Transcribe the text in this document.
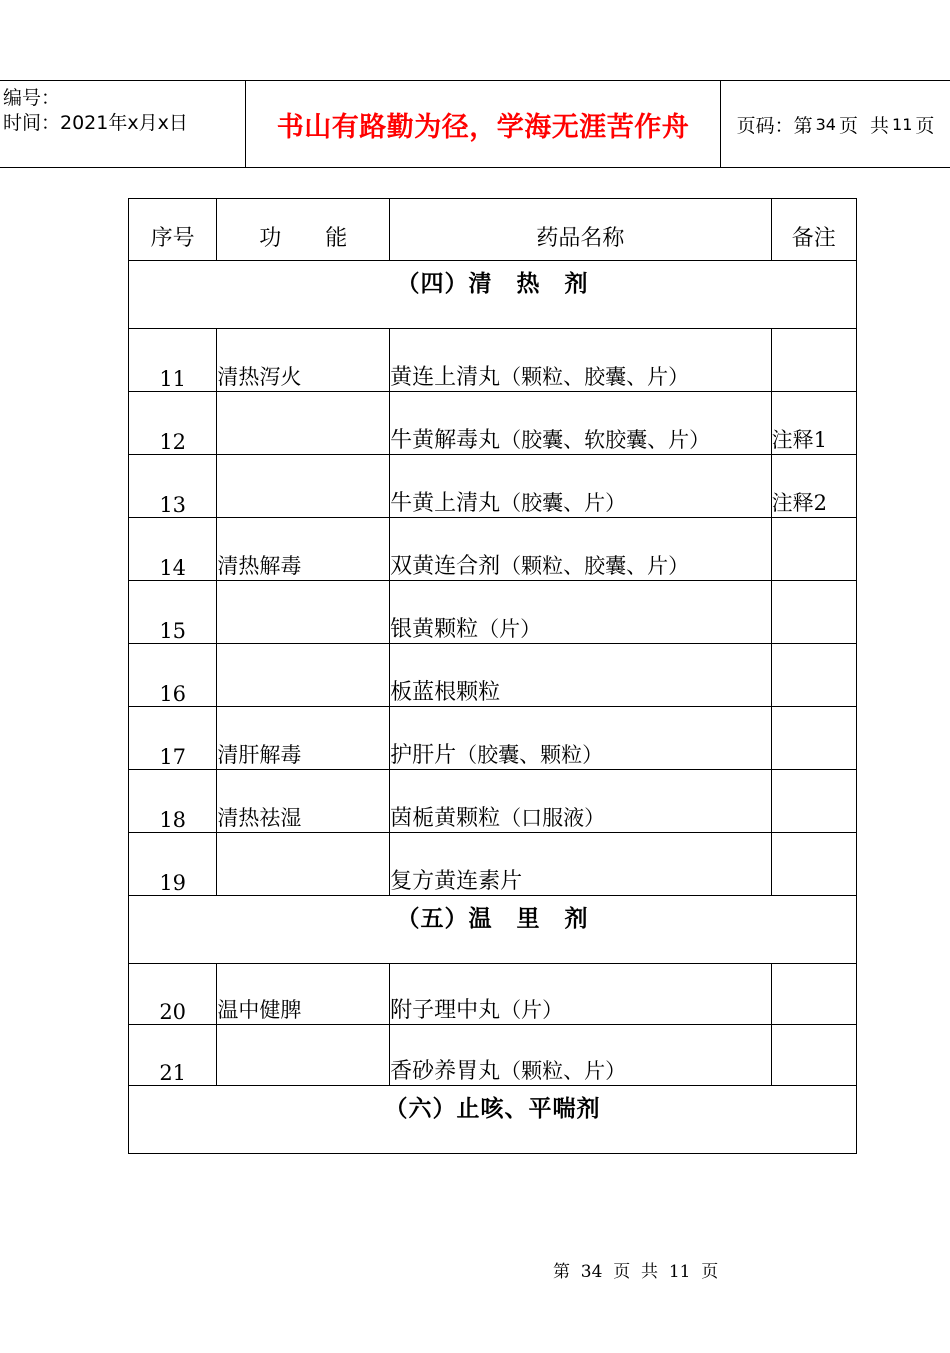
编号：
时间：2021年x月x日	书山有路勤为径，学海无涯苦作舟 页码：第 34 页  共 11 页
序号	功　　能	药品名称	备注
（四）清　热　剂			
11	清热泻火	黄连上清丸（颗粒、胶囊、片）	
12		牛黄解毒丸（胶囊、软胶囊、片）	注释1
13		牛黄上清丸（胶囊、片）	注释2
14	清热解毒	双黄连合剂（颗粒、胶囊、片）	
15		银黄颗粒（片）	
16		板蓝根颗粒	
17	清肝解毒	护肝片（胶囊、颗粒）	
18	清热祛湿	茵栀黄颗粒（口服液）	
19		复方黄连素片	
（五）温　里　剂			
20	温中健脾	附子理中丸（片）	
21		香砂养胃丸（颗粒、片）	
（六）止咳、平喘剂			
第  34  页  共  11  页
